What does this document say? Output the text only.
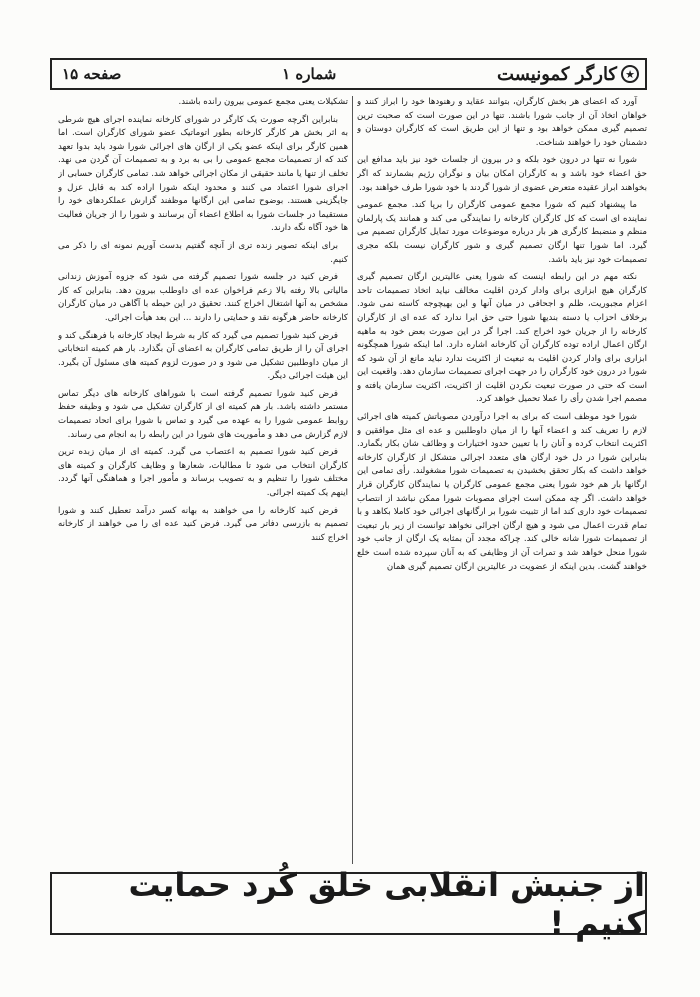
★
کارگر کمونیست
شماره ۱
صفحه ۱۵

آورد که اعضای هر بخش کارگران، بتوانند عقاید و رهنودها خود را ابراز کنند و خواهان اتخاذ آن از جانب شورا باشند. تنها در این صورت است که صحبت ترین تصمیم گیری ممکن خواهد بود و تنها از این طریق است که کارگران دوستان و دشمنان خود را خواهند شناخت.

شورا نه تنها در درون خود بلکه و در بیرون از جلسات خود نیز باید مدافع این حق اعضاء خود باشد و به کارگران امکان بیان و نوگران رژیم بشمارند که اگر بخواهند ابراز عقیده متعرض عضوی از شورا گردند با خود شورا طرف خواهند بود.

ما پیشنهاد کنیم که شورا مجمع عمومی کارگران را برپا کند. مجمع عمومی نماینده ای است که کل کارگران کارخانه را نمایندگی می کند و همانند یک پارلمان منظم و منضبط کارگری هر بار درباره موضوعات مورد تمایل کارگران تصمیم می گیرد. اما شورا تنها ارگان تصمیم گیری و شور کارگران نیست بلکه مجری تصمیمات خود نیز باید باشد.

نکته مهم در این رابطه اینست که شورا یعنی عالیترین ارگان تصمیم گیری کارگران هیچ ابزاری برای وادار کردن اقلیت مخالف نیاید اتخاذ تصمیمات تاحد اعزام مجبوریت، ظلم و اجحافی در میان آنها و این بهیچوجه کاسته نمی شود. برخلاف احزاب یا دسته بندیها شورا حتی حق ابرا ندارد که عده ای از کارگران کارخانه را از جریان خود اخراج کند. اجرا گر در این صورت بعض خود به ماهیه ارگان اعمال اراده توده کارگران آن کارخانه اشاره دارد. اما اینکه شورا همچگونه ابزاری برای وادار کردن اقلیت به تبعیت از اکثریت ندارد نباید مانع از آن شود که شورا در درون خود کارگران را در جهت اجرای تصمیمات سازمان دهد. واقعیت این است که حتی در صورت تبعیت نکردن اقلیت از اکثریت، اکثریت سازمان یافته و مصمم اجرا شدن رأی را عملا تحمیل خواهد کرد.

شورا خود موظف است که برای به اجرا درآوردن مصوباتش کمیته های اجرائی لازم را تعریف کند و اعضاء آنها را از میان داوطلبین و عده ای مثل موافقین و اکثریت انتخاب کرده و آنان را با تعیین حدود اختیارات و وظائف شان بکار بگمارد. بنابراین شورا در دل خود ارگان های متعدد اجرائی متشکل از کارگران کارخانه خواهد داشت که بکار تحقق بخشیدن به تصمیمات شورا مشغولند. رأی تمامی این ارگانها بار هم خود شورا یعنی مجمع عمومی کارگران یا نمایندگان کارگران قرار خواهد داشت. اگر چه ممکن است اجرای مصوبات شورا ممکن نباشد از انتصاب تصمیمات خود داری کند اما از تثبیت شورا بر ارگانهای اجرائی خود کاملا بکاهد و با تمام قدرت اعمال می شود و هیچ ارگان اجرائی نخواهد توانست از زیر بار تبعیت از تصمیمات شورا شانه خالی کند. چراکه مجدد آن بمثابه یک ارگان از جانب خود شورا منحل خواهد شد و تمرات آن از وظایفی که به آنان سپرده شده است خلع خواهند گشت. بدین اینکه از عضویت در عالیترین ارگان تصمیم گیری همان

تشکیلات یعنی مجمع عمومی بیرون رانده باشند.

بنابراین اگرچه صورت یک کارگر در شورای کارخانه نماینده اجرای هیچ شرطی به اثر بخش هر کارگر کارخانه بطور اتوماتیک عضو شورای کارگران است. اما همین کارگر برای اینکه عضو یکی از ارگان های اجرائی شورا شود باید بدوا تعهد کند که از تصمیمات مجمع عمومی را بی به برد و به تصمیمات آن گردن می نهد. تخلف از تنها یا مانند حقیقی از مکان اجرائی خواهد شد. تمامی کارگران حسابی از اجرای شورا اعتماد می کنند و محدود اینکه شورا اراده کند به قابل عزل و جایگزینی هستند. بوضوح تمامی این ارگانها موظفند گزارش عملکردهای خود را مستقیما در جلسات شورا به اطلاع اعضاء آن برسانند و شورا را از جریان فعالیت ها خود آگاه نگه دارند.

برای اینکه تصویر زنده تری از آنچه گفتیم بدست آوریم نمونه ای را ذکر می کنیم.

فرض کنید در جلسه شورا تصمیم گرفته می شود که جزوه آموزش زندانی مالیاتی بالا رفته بالا زعم فراخوان عده ای داوطلب بیرون دهد. بنابراین که کار مشخص به آنها اشتغال اخراج کنند. تحقیق در این حیطه با آگاهی در میان کارگران کارخانه حاضر هرگونه نقد و حمایتی را دارند ... این بعد هیأت اجرائی.

فرض کنید شورا تصمیم می گیرد که کار به شرط ایجاد کارخانه با فرهنگی کند و اجرای آن را از طریق تمامی کارگران به اعضای آن بگذارد. بار هم کمیته انتخاباتی از میان داوطلبین تشکیل می شود و در صورت لزوم کمیته های مسئول آن بگیرد. این هیئت اجرائی دیگر.

فرض کنید شورا تصمیم گرفته است با شوراهای کارخانه های دیگر تماس مستمر داشته باشد. بار هم کمیته ای از کارگران تشکیل می شود و وظیفه حفظ روابط عمومی شورا را به عهده می گیرد و تماس با شورا برای اتحاد تصمیمات لازم گزارش می دهد و مأموریت های شورا در این رابطه را به انجام می رساند.

فرض کنید شورا تصمیم به اعتصاب می گیرد. کمیته ای از میان زبده ترین کارگران انتخاب می شود تا مطالبات، شعارها و وظایف کارگران و کمیته های مختلف شورا را تنظیم و به تصویب برساند و مأمور اجرا و هماهنگی آنها گردد. اینهم یک کمیته اجرائی.

فرض کنید کارخانه را می خواهند به بهانه کسر درآمد تعطیل کنند و شورا تصمیم به بازرسی دفاتر می گیرد. فرض کنید عده ای را می خواهند از کارخانه اخراج کنند

از جنبش انقلابی خلق کُرد حمایت کنیم !
